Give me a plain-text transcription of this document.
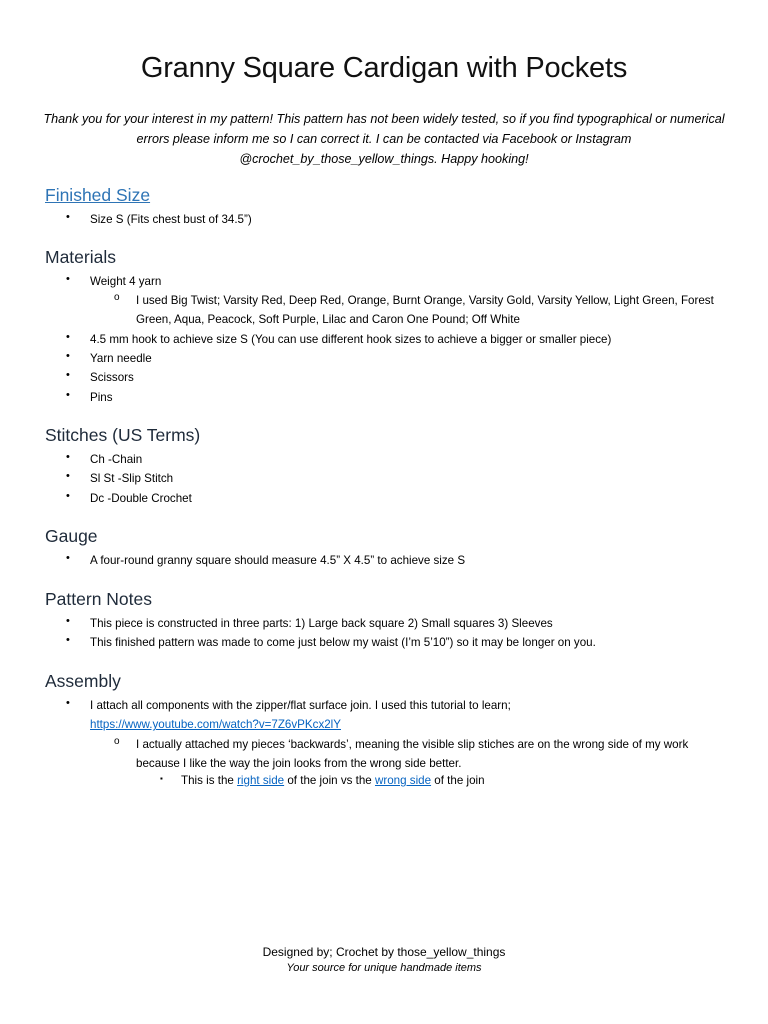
Granny Square Cardigan with Pockets

Thank you for your interest in my pattern! This pattern has not been widely tested, so if you find typographical or numerical errors please inform me so I can correct it. I can be contacted via Facebook or Instagram @crochet_by_those_yellow_things. Happy hooking!

Finished Size
• Size S (Fits chest bust of 34.5”)

Materials
• Weight 4 yarn

o I used Big Twist; Varsity Red, Deep Red, Orange, Burnt Orange, Varsity Gold, Varsity Yellow, Light Green, Forest Green, Aqua, Peacock, Soft Purple, Lilac and Caron One Pound; Off White

• 4.5 mm hook to achieve size S (You can use different hook sizes to achieve a bigger or smaller piece)

• Yarn needle

• Scissors

• Pins

Stitches (US Terms)
• Ch -Chain

• Sl St -Slip Stitch

• Dc -Double Crochet

Gauge
• A four-round granny square should measure 4.5” X 4.5” to achieve size S

Pattern Notes
• This piece is constructed in three parts: 1) Large back square 2) Small squares 3) Sleeves

• This finished pattern was made to come just below my waist (I’m 5’10”) so it may be longer on you.

Assembly
• I attach all components with the zipper/flat surface join. I used this tutorial to learn;
https://www.youtube.com/watch?v=7Z6vPKcx2lY

o I actually attached my pieces ‘backwards’, meaning the visible slip stiches are on the wrong side of my work because I like the way the join looks from the wrong side better.

▪ This is the right side of the join vs the wrong side of the join

Designed by; Crochet by those_yellow_things

Your source for unique handmade items
